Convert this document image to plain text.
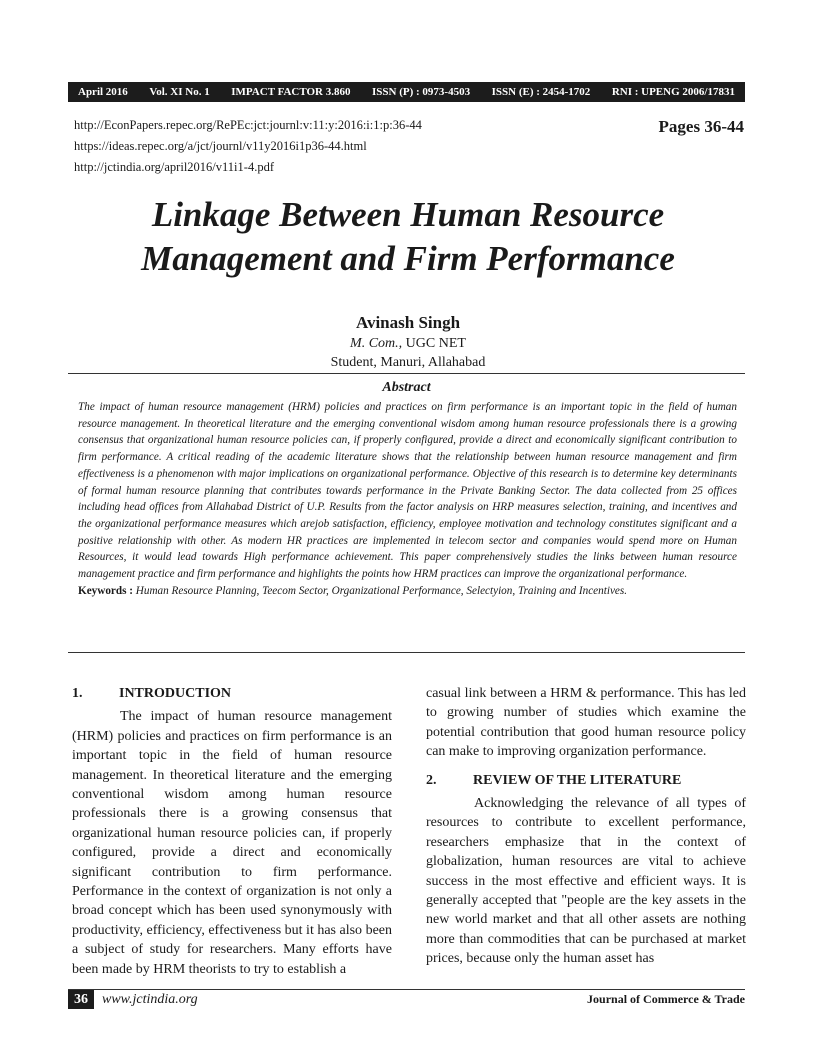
April 2016 Vol. XI No. 1 IMPACT FACTOR 3.860 ISSN (P) : 0973-4503 ISSN (E) : 2454-1702 RNI : UPENG 2006/17831
http://EconPapers.repec.org/RePEc:jct:journl:v:11:y:2016:i:1:p:36-44
https://ideas.repec.org/a/jct/journl/v11y2016i1p36-44.html
http://jctindia.org/april2016/v11i1-4.pdf
Pages 36-44
Linkage Between Human Resource
Management and Firm Performance
Avinash Singh
M. Com., UGC NET
Student, Manuri, Allahabad
Abstract
The impact of human resource management (HRM) policies and practices on firm performance is an important topic in the field of human resource management. In theoretical literature and the emerging conventional wisdom among human resource professionals there is a growing consensus that organizational human resource policies can, if properly configured, provide a direct and economically significant contribution to firm performance. A critical reading of the academic literature shows that the relationship between human resource management and firm effectiveness is a phenomenon with major implications on organizational performance. Objective of this research is to determine key determinants of formal human resource planning that contributes towards performance in the Private Banking Sector. The data collected from 25 offices including head offices from Allahabad District of U.P. Results from the factor analysis on HRP measures selection, training, and incentives and the organizational performance measures which arejob satisfaction, efficiency, employee motivation and technology constitutes significant and a positive relationship with other. As modern HR practices are implemented in telecom sector and companies would spend more on Human Resources, it would lead towards High performance achievement. This paper comprehensively studies the links between human resource management practice and firm performance and highlights the points how HRM practices can improve the organizational performance.
Keywords : Human Resource Planning, Teecom Sector, Organizational Performance, Selectyion, Training and Incentives.
1.	INTRODUCTION

The impact of human resource management (HRM) policies and practices on firm performance is an important topic in the field of human resource management. In theoretical literature and the emerging conventional wisdom among human resource professionals there is a growing consensus that organizational human resource policies can, if properly configured, provide a direct and economically significant contribution to firm performance. Performance in the context of organization is not only a broad concept which has been used synonymously with productivity, efficiency, effectiveness but it has also been a subject of study for researchers. Many efforts have been made by HRM theorists to try to establish a

casual link between a HRM & performance. This has led to growing number of studies which examine the potential contribution that good human resource policy can make to improving organization performance.

2.	REVIEW OF THE LITERATURE

Acknowledging the relevance of all types of resources to contribute to excellent performance, researchers emphasize that in the context of globalization, human resources are vital to achieve success in the most effective and efficient ways. It is generally accepted that "people are the key assets in the new world market and that all other assets are nothing more than commodities that can be purchased at market prices, because only the human asset has

36	www.jctindia.org	Journal of Commerce & Trade
